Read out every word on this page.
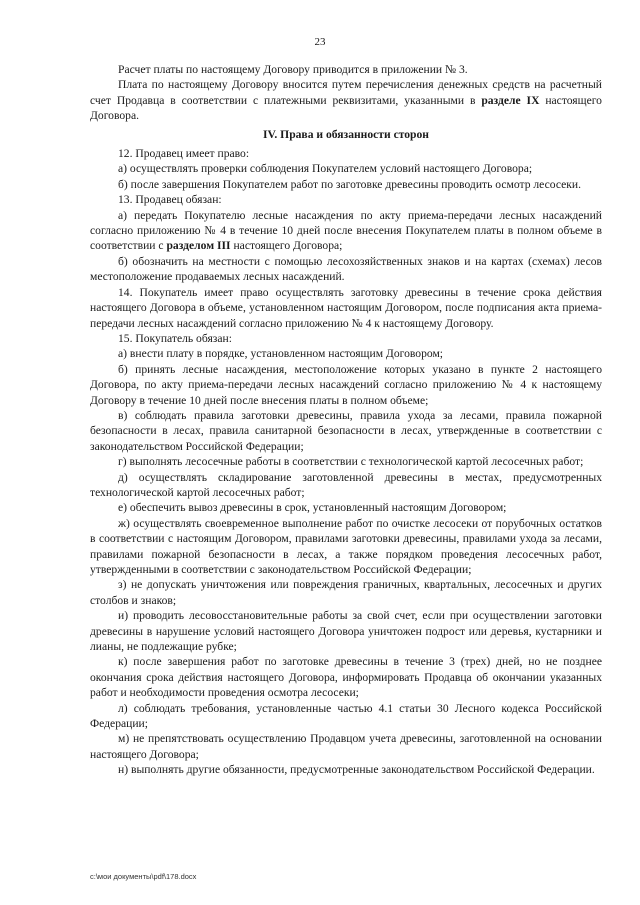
23

Расчет платы по настоящему Договору приводится в приложении № 3.

Плата по настоящему Договору вносится путем перечисления денежных средств на расчетный счет Продавца в соответствии с платежными реквизитами, указанными в разделе IX настоящего Договора.

IV. Права и обязанности сторон

12. Продавец имеет право:

а) осуществлять проверки соблюдения Покупателем условий настоящего Договора;

б) после завершения Покупателем работ по заготовке древесины проводить осмотр лесосеки.

13. Продавец обязан:

а) передать Покупателю лесные насаждения по акту приема-передачи лесных насаждений согласно приложению № 4 в течение 10 дней после внесения Покупателем платы в полном объеме в соответствии с разделом III настоящего Договора;

б) обозначить на местности с помощью лесохозяйственных знаков и на картах (схемах) лесов местоположение продаваемых лесных насаждений.

14. Покупатель имеет право осуществлять заготовку древесины в течение срока действия настоящего Договора в объеме, установленном настоящим Договором, после подписания акта приема-передачи лесных насаждений согласно приложению № 4 к настоящему Договору.

15. Покупатель обязан:

а) внести плату в порядке, установленном настоящим Договором;

б) принять лесные насаждения, местоположение которых указано в пункте 2 настоящего Договора, по акту приема-передачи лесных насаждений согласно приложению № 4 к настоящему Договору в течение 10 дней после внесения платы в полном объеме;

в) соблюдать правила заготовки древесины, правила ухода за лесами, правила пожарной безопасности в лесах, правила санитарной безопасности в лесах, утвержденные в соответствии с законодательством Российской Федерации;

г) выполнять лесосечные работы в соответствии с технологической картой лесосечных работ;

д) осуществлять складирование заготовленной древесины в местах, предусмотренных технологической картой лесосечных работ;

е) обеспечить вывоз древесины в срок, установленный настоящим Договором;

ж) осуществлять своевременное выполнение работ по очистке лесосеки от порубочных остатков в соответствии с настоящим Договором, правилами заготовки древесины, правилами ухода за лесами, правилами пожарной безопасности в лесах, а также порядком проведения лесосечных работ, утвержденными в соответствии с законодательством Российской Федерации;

з) не допускать уничтожения или повреждения граничных, квартальных, лесосечных и других столбов и знаков;

и) проводить лесовосстановительные работы за свой счет, если при осуществлении заготовки древесины в нарушение условий настоящего Договора уничтожен подрост или деревья, кустарники и лианы, не подлежащие рубке;

к) после завершения работ по заготовке древесины в течение 3 (трех) дней, но не позднее окончания срока действия настоящего Договора, информировать Продавца об окончании указанных работ и необходимости проведения осмотра лесосеки;

л) соблюдать требования, установленные частью 4.1 статьи 30 Лесного кодекса Российской Федерации;

м) не препятствовать осуществлению Продавцом учета древесины, заготовленной на основании настоящего Договора;

н) выполнять другие обязанности, предусмотренные законодательством Российской Федерации.

c:\мои документы\pdf\178.docx
